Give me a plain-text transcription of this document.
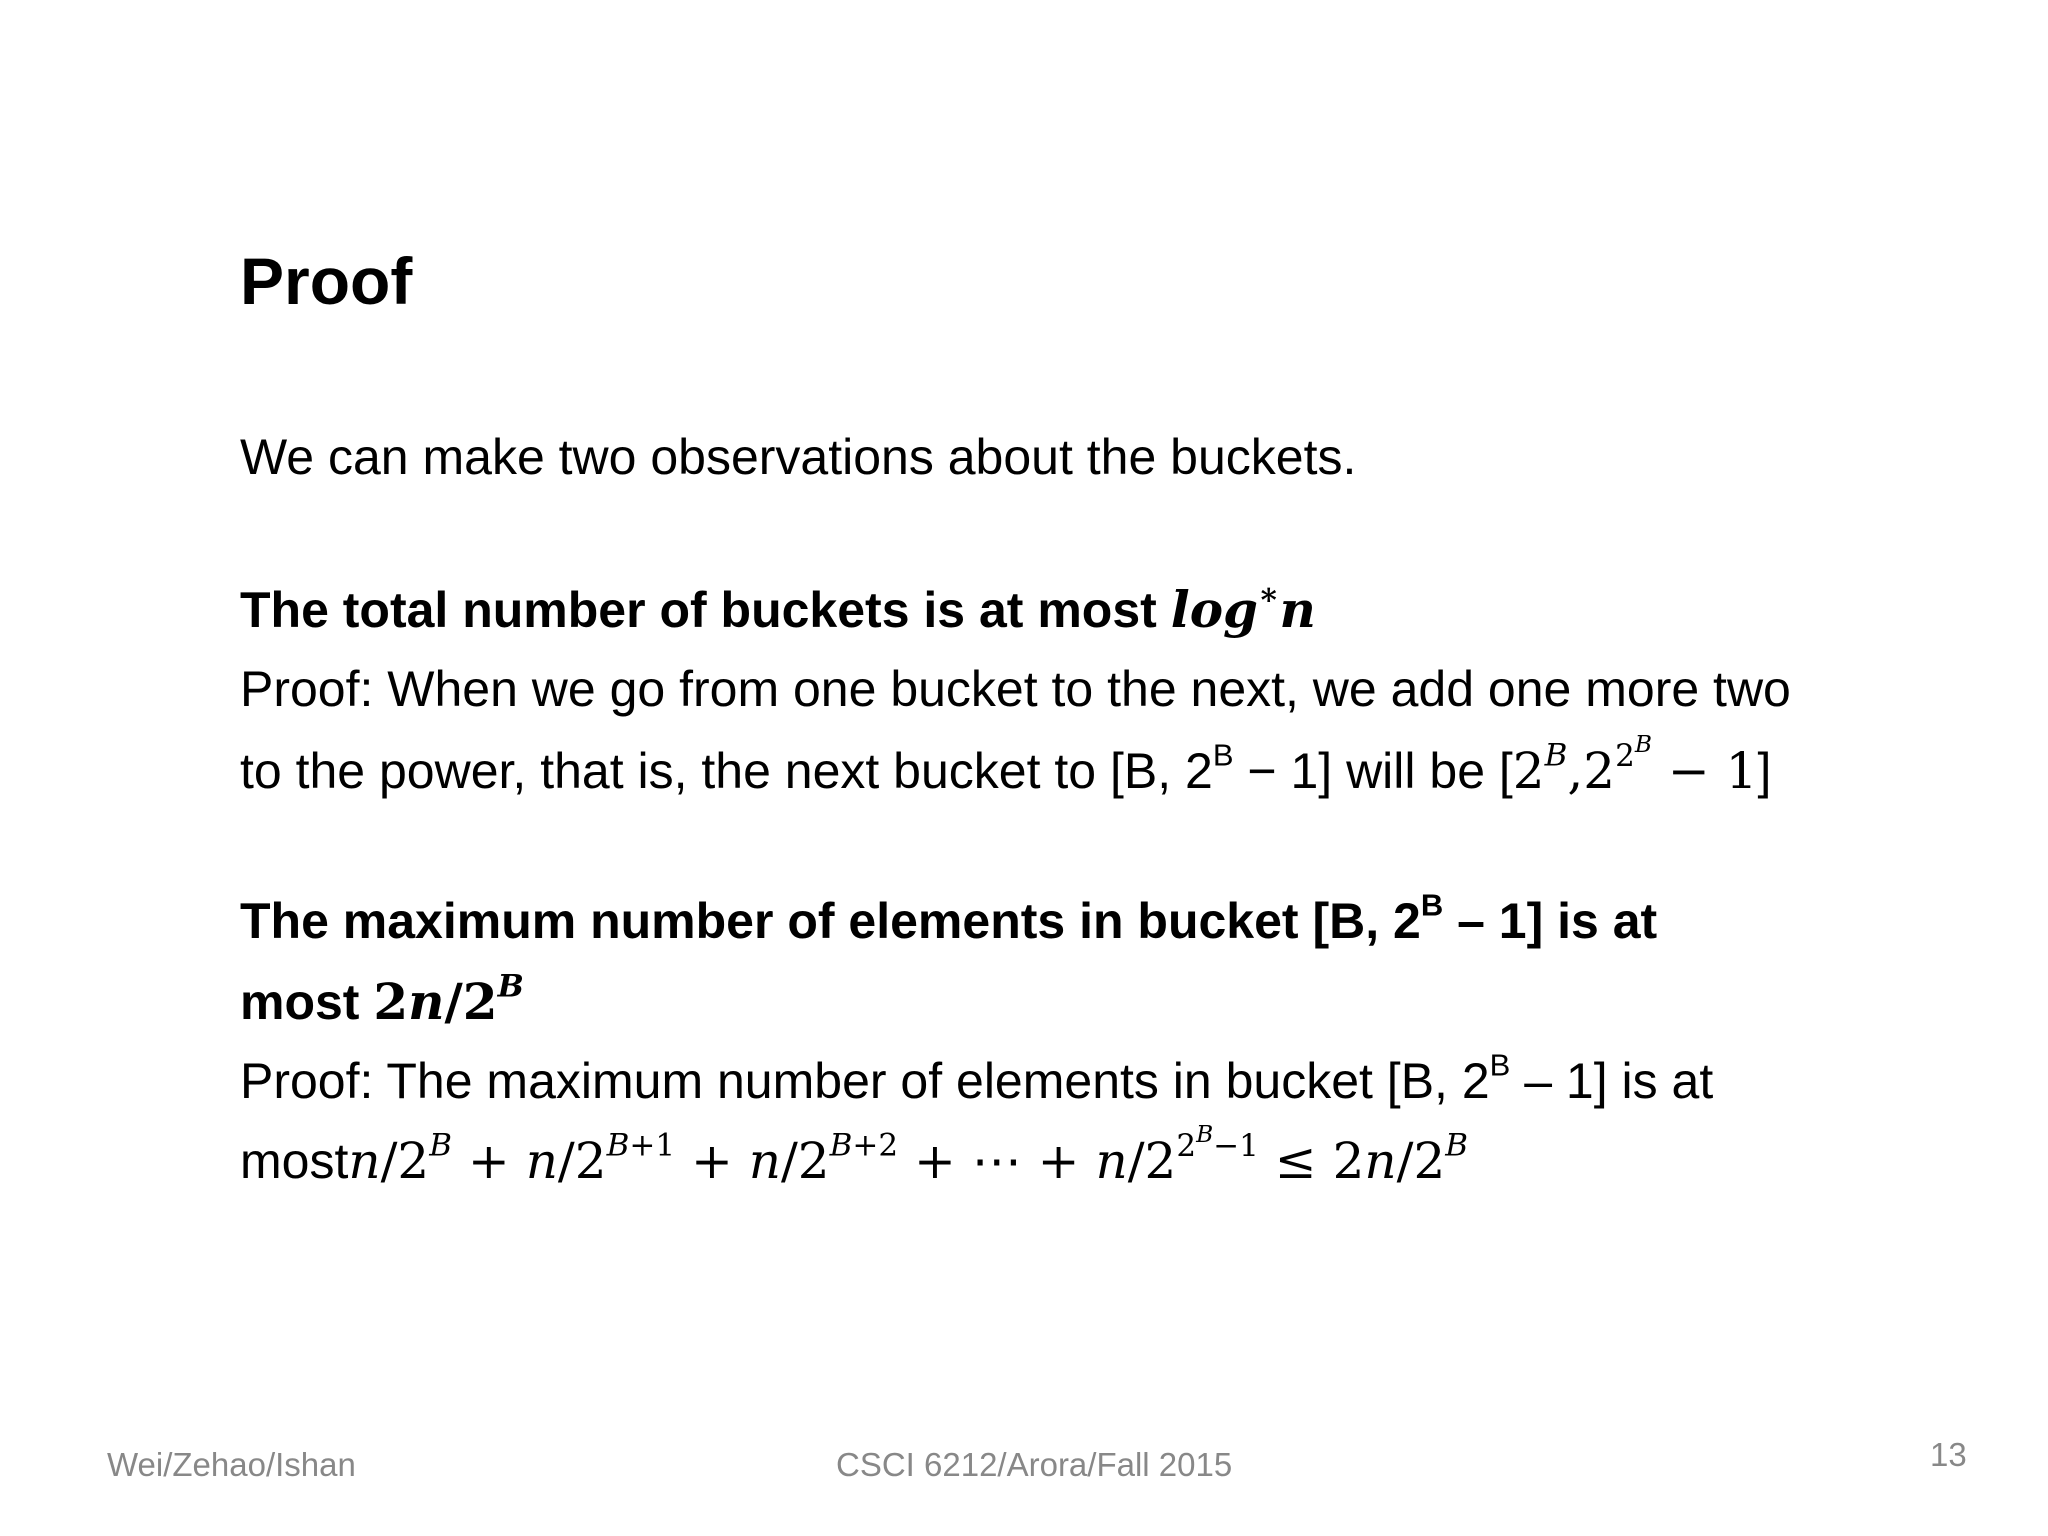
Proof
We can make two observations about the buckets.
The total number of buckets is at most log∗n
Proof: When we go from one bucket to the next, we add one more two
to the power, that is, the next bucket to [B, $2^B - 1$] will be $[2^B,2^{2^B} - 1]$
The maximum number of elements in bucket [B, $2^B - 1$] is at
most $2n/2^B$
Proof: The maximum number of elements in bucket [B, $2^B - 1$] is at
mostn/$2^B + n/2^{B+1} + n/2^{B+2}$ + ⋯ + $n/2^{2^B-1} \le 2n/2^B$
Wei/Zehao/Ishan	CSCI 6212/Arora/Fall 2015	13
